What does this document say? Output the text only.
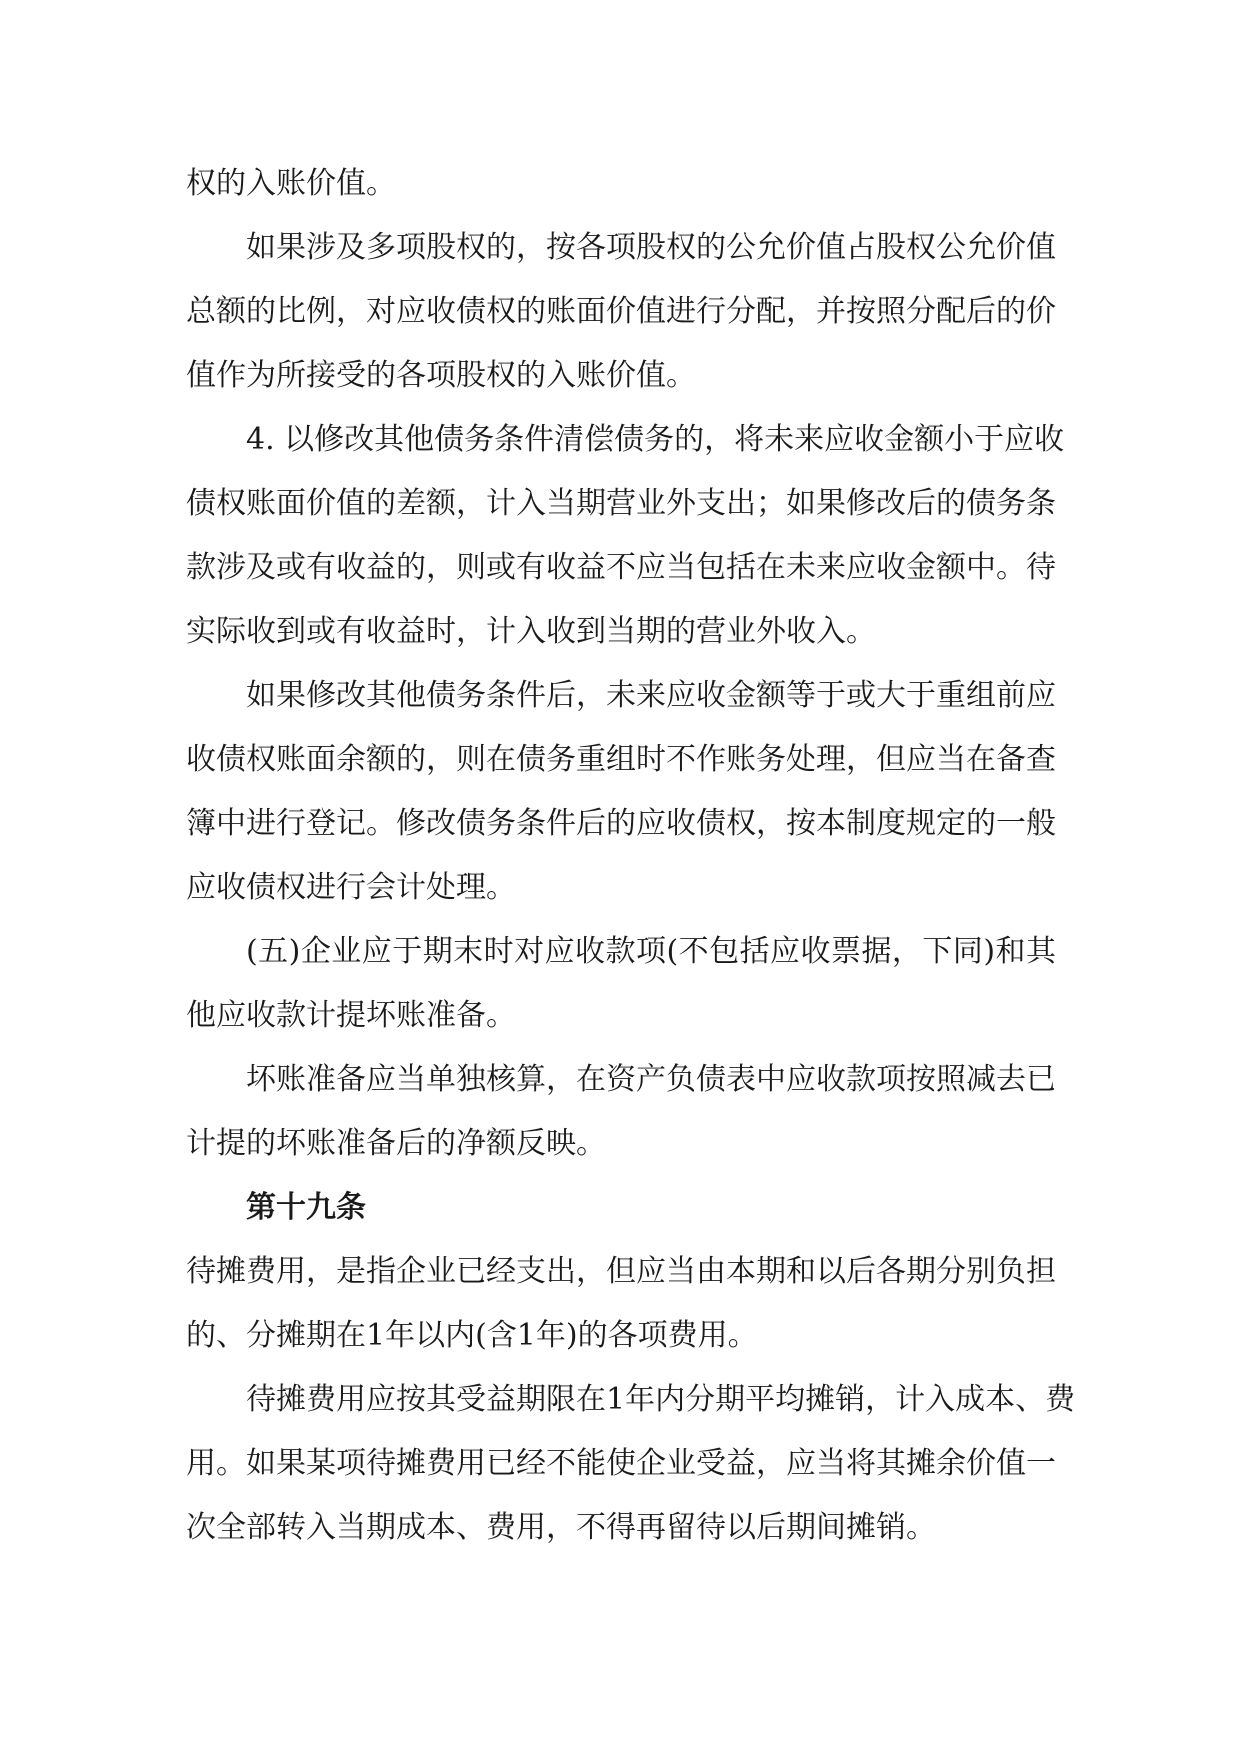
权的入账价值。
如果涉及多项股权的，按各项股权的公允价值占股权公允价值
总额的比例，对应收债权的账面价值进行分配，并按照分配后的价
值作为所接受的各项股权的入账价值。
4. 以修改其他债务条件清偿债务的，将未来应收金额小于应收
债权账面价值的差额，计入当期营业外支出；如果修改后的债务条
款涉及或有收益的，则或有收益不应当包括在未来应收金额中。待
实际收到或有收益时，计入收到当期的营业外收入。
如果修改其他债务条件后，未来应收金额等于或大于重组前应
收债权账面余额的，则在债务重组时不作账务处理，但应当在备查
簿中进行登记。修改债务条件后的应收债权，按本制度规定的一般
应收债权进行会计处理。
(五)企业应于期末时对应收款项(不包括应收票据，下同)和其
他应收款计提坏账准备。
坏账准备应当单独核算，在资产负债表中应收款项按照减去已
计提的坏账准备后的净额反映。
第十九条
待摊费用，是指企业已经支出，但应当由本期和以后各期分别负担
的、分摊期在1年以内(含1年)的各项费用。
待摊费用应按其受益期限在1年内分期平均摊销，计入成本、费
用。如果某项待摊费用已经不能使企业受益，应当将其摊余价值一
次全部转入当期成本、费用，不得再留待以后期间摊销。
